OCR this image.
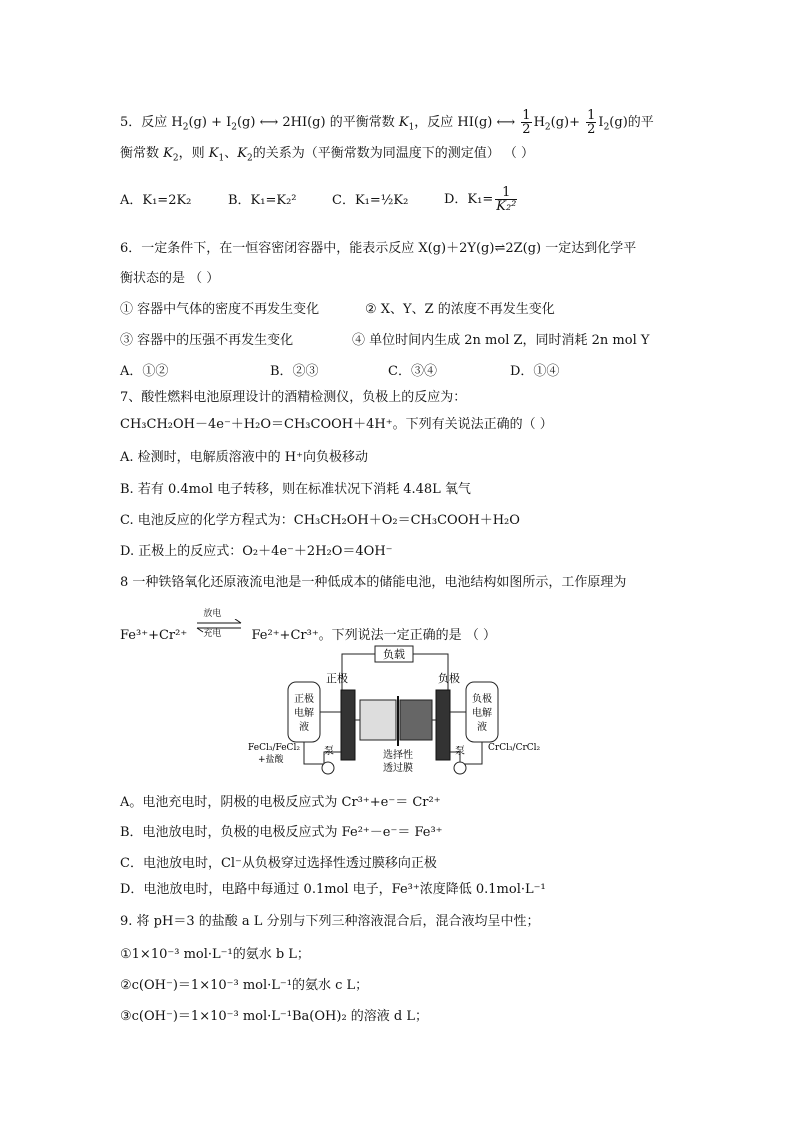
5．反应 $H_2(g) + I_2(g)$ ⟷ 2HI(g) 的平衡常数 $K_1$，反应 HI(g) ⟷ $\frac{1}{2} H_2(g)+ \frac{1}{2} I_2(g)$的平
衡常数 $K_2$，则 $K_1$、$K_2$的关系为（平衡常数为同温度下的测定值） （ ）
A．K₁=2K₂	B．K₁=K₂²	C．K₁=½K₂	D．$K_1= \frac{1}{\text{K₂²}}$
6．一定条件下，在一恒容密闭容器中，能表示反应 X(g)＋2Y(g)⇌2Z(g) 一定达到化学平
衡状态的是 （ ）
① 容器中气体的密度不再发生变化	② X、Y、Z 的浓度不再发生变化
③ 容器中的压强不再发生变化	④ 单位时间内生成 2n mol Z，同时消耗 2n mol Y
A．①②	B．②③	C．③④	D．①④
7、酸性燃料电池原理设计的酒精检测仪，负极上的反应为：
CH₃CH₂OH－4e⁻＋H₂O＝CH₃COOH＋4H⁺。下列有关说法正确的（ ）
A. 检测时，电解质溶液中的 H⁺向负极移动
B. 若有 0.4mol 电子转移，则在标准状况下消耗 4.48L 氧气
C. 电池反应的化学方程式为：CH₃CH₂OH＋O₂＝CH₃COOH＋H₂O
D. 正极上的反应式：O₂＋4e⁻＋2H₂O＝4OH⁻
8 一种铁铬氧化还原液流电池是一种低成本的储能电池，电池结构如图所示，工作原理为
Fe³⁺+Cr²⁺
放电
充电 Fe²⁺+Cr³⁺。下列说法一定正确的是 （ ）
负载
正极	负极
正极
电解
液
负极
电解
液
泵	泵
FeCl₃/FeCl₂
+盐酸
CrCl₃/CrCl₂
选择性
透过膜
A。电池充电时，阴极的电极反应式为 Cr³⁺+e⁻＝ Cr²⁺
B．电池放电时，负极的电极反应式为 Fe²⁺－e⁻＝ Fe³⁺
C．电池放电时，Cl⁻从负极穿过选择性透过膜移向正极
D．电池放电时，电路中每通过 0.1mol 电子，Fe³⁺浓度降低 0.1mol·L⁻¹
9. 将 pH＝3 的盐酸 a L 分别与下列三种溶液混合后，混合液均呈中性；
①1×10⁻³ mol·L⁻¹的氨水 b L；
②c(OH⁻)＝1×10⁻³ mol·L⁻¹的氨水 c L；
③c(OH⁻)＝1×10⁻³ mol·L⁻¹Ba(OH)₂ 的溶液 d L；
